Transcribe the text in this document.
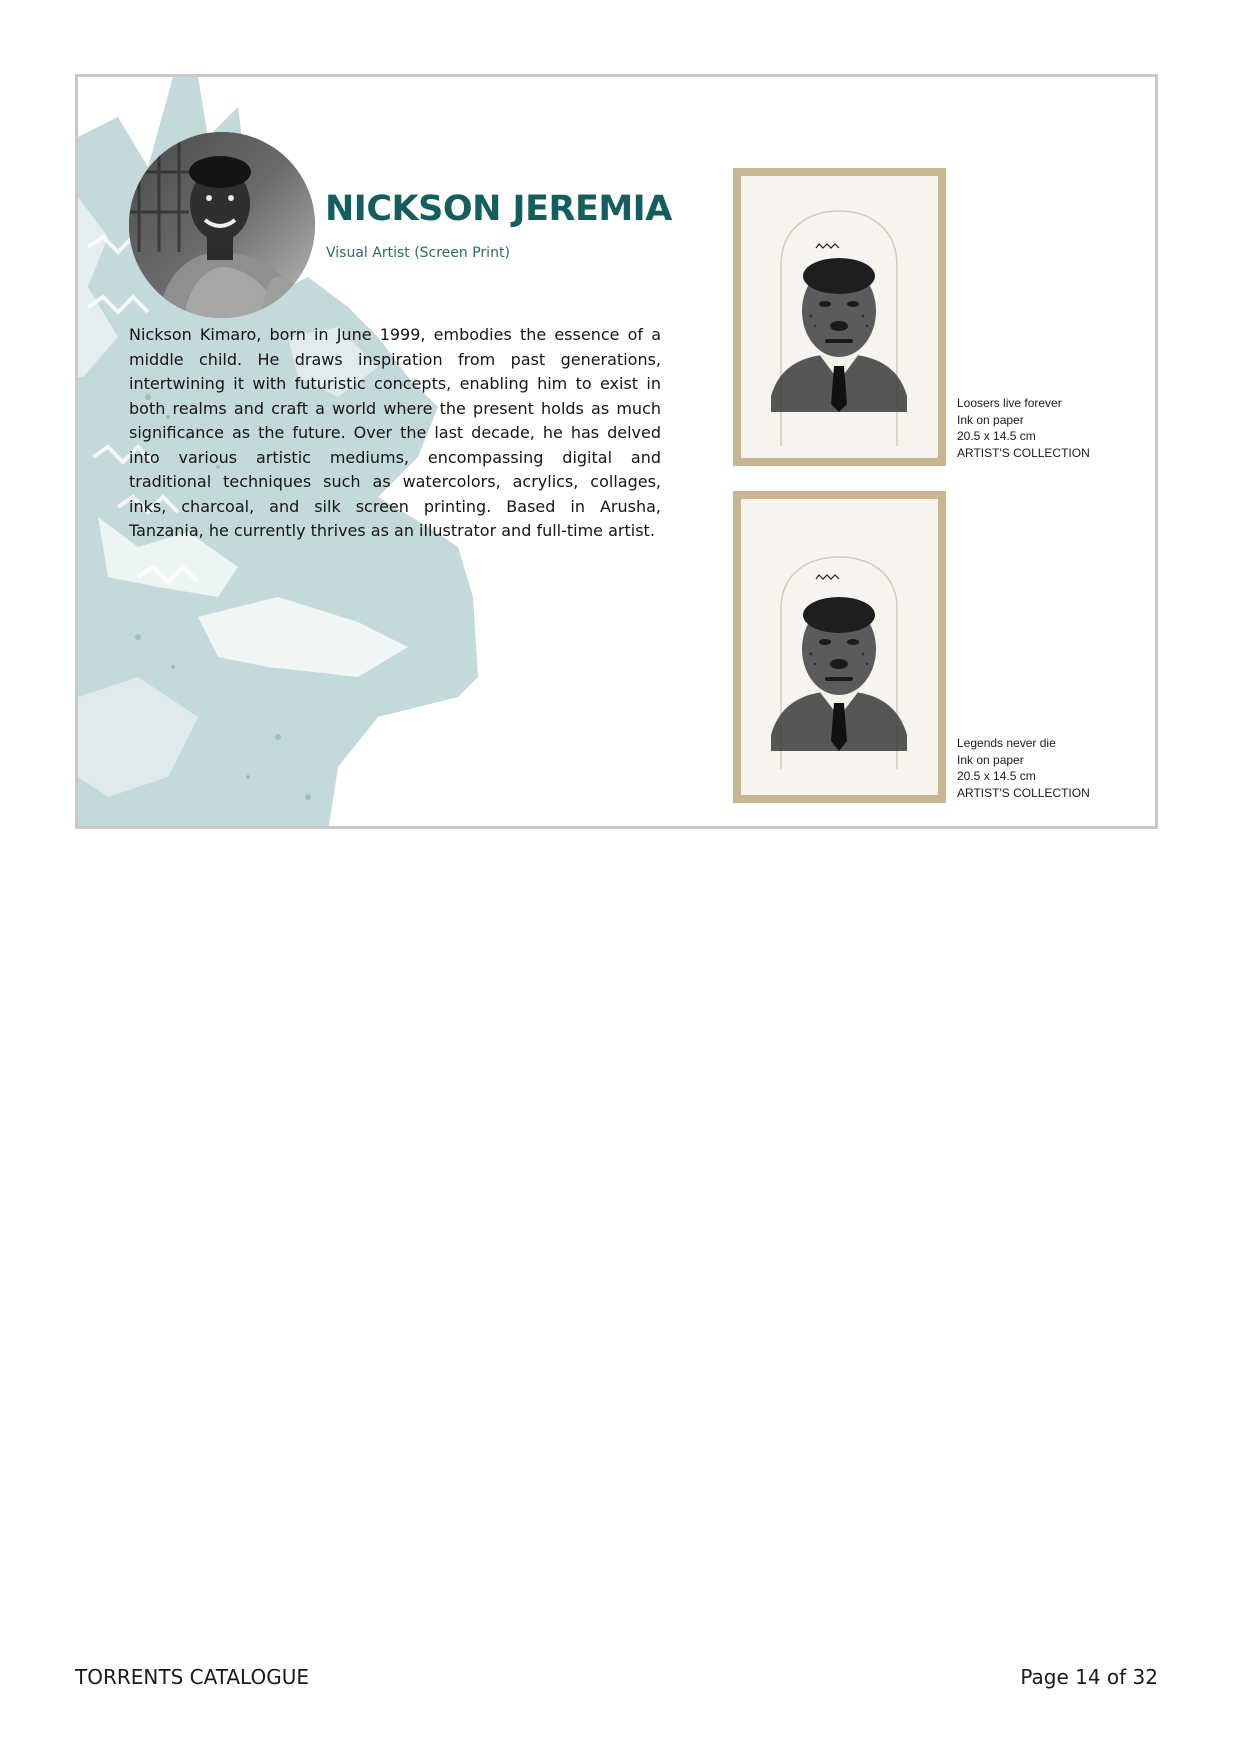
NICKSON JEREMIA
Visual Artist (Screen Print)

Nickson Kimaro, born in June 1999, embodies the essence of a middle child. He draws inspiration from past generations, intertwining it with futuristic concepts, enabling him to exist in both realms and craft a world where the present holds as much significance as the future. Over the last decade, he has delved into various artistic mediums, encompassing digital and traditional techniques such as watercolors, acrylics, collages, inks, charcoal, and silk screen printing. Based in Arusha, Tanzania, he currently thrives as an illustrator and full-time artist.

Loosers live forever
Ink on paper
20.5 x 14.5 cm
ARTIST'S COLLECTION
Legends never die
Ink on paper
20.5 x 14.5 cm
ARTIST'S COLLECTION
TORRENTS CATALOGUE	Page 14 of 32
